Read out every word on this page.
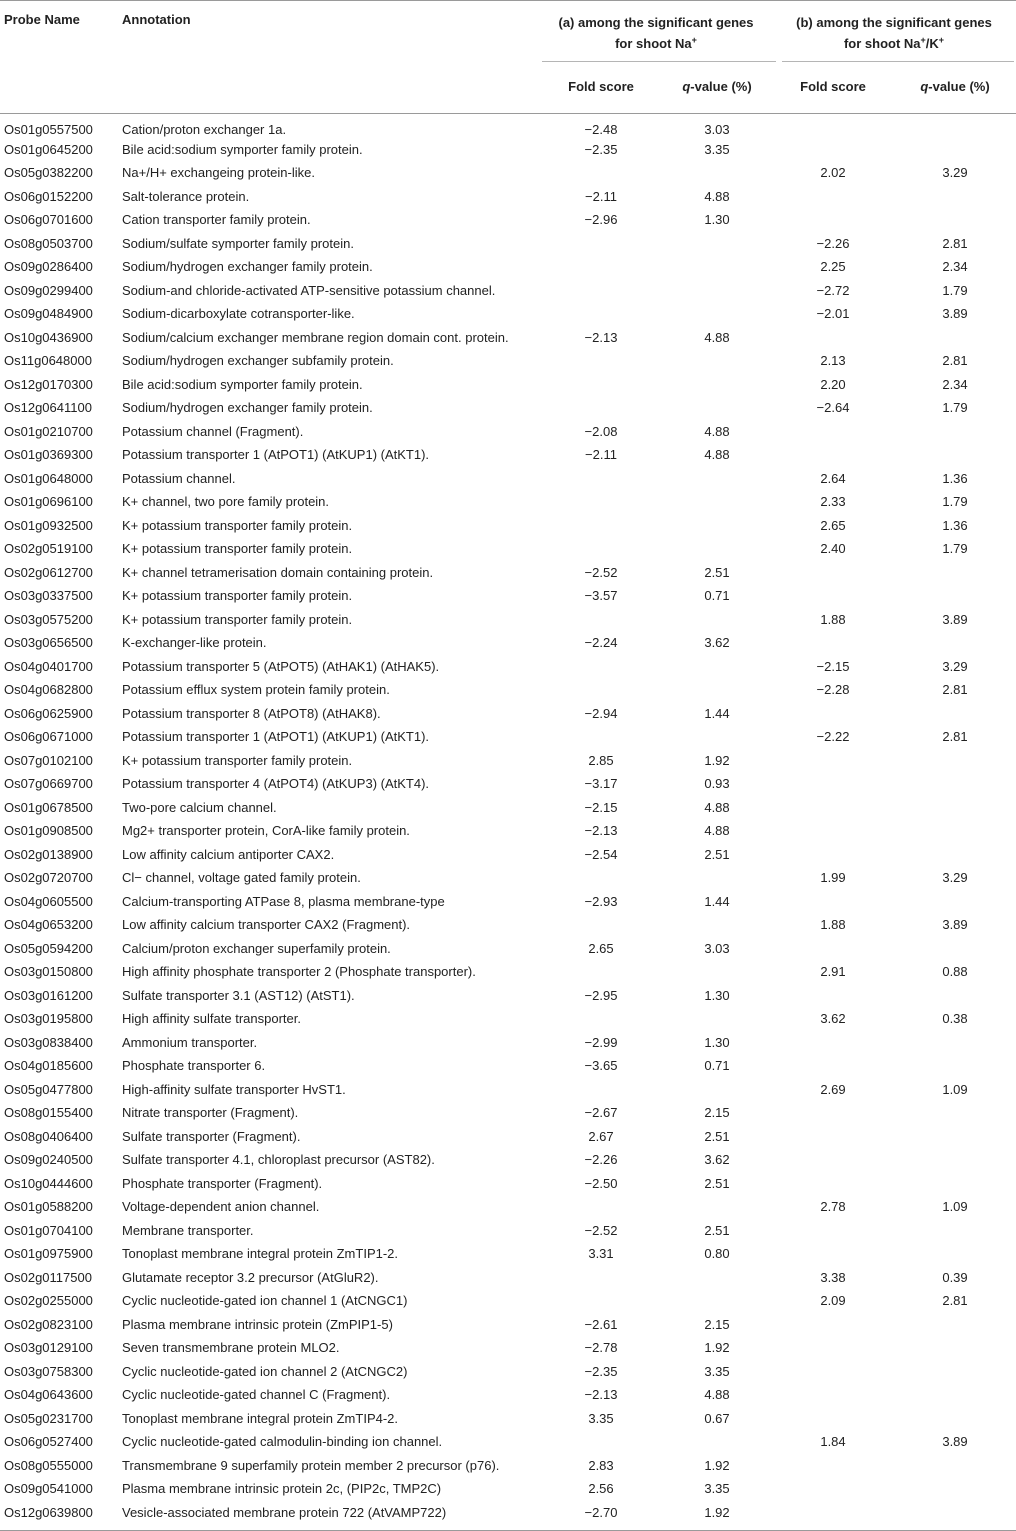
Probe Name	Annotation	(a) among the significant genes
for shoot Na+		(b) among the significant genes
for shoot Na+/K+
		Fold score	q-value (%)	Fold score	q-value (%)
Os01g0557500	Cation/proton exchanger 1a.	−2.48	3.03		
Os01g0645200	Bile acid:sodium symporter family protein.	−2.35	3.35		
Os05g0382200	Na+/H+ exchangeing protein-like.			2.02	3.29
Os06g0152200	Salt-tolerance protein.	−2.11	4.88		
Os06g0701600	Cation transporter family protein.	−2.96	1.30		
Os08g0503700	Sodium/sulfate symporter family protein.			−2.26	2.81
Os09g0286400	Sodium/hydrogen exchanger family protein.			2.25	2.34
Os09g0299400	Sodium-and chloride-activated ATP-sensitive potassium channel.			−2.72	1.79
Os09g0484900	Sodium-dicarboxylate cotransporter-like.			−2.01	3.89
Os10g0436900	Sodium/calcium exchanger membrane region domain cont. protein.	−2.13	4.88		
Os11g0648000	Sodium/hydrogen exchanger subfamily protein.			2.13	2.81
Os12g0170300	Bile acid:sodium symporter family protein.			2.20	2.34
Os12g0641100	Sodium/hydrogen exchanger family protein.			−2.64	1.79
Os01g0210700	Potassium channel (Fragment).	−2.08	4.88		
Os01g0369300	Potassium transporter 1 (AtPOT1) (AtKUP1) (AtKT1).	−2.11	4.88		
Os01g0648000	Potassium channel.			2.64	1.36
Os01g0696100	K+ channel, two pore family protein.			2.33	1.79
Os01g0932500	K+ potassium transporter family protein.			2.65	1.36
Os02g0519100	K+ potassium transporter family protein.			2.40	1.79
Os02g0612700	K+ channel tetramerisation domain containing protein.	−2.52	2.51		
Os03g0337500	K+ potassium transporter family protein.	−3.57	0.71		
Os03g0575200	K+ potassium transporter family protein.			1.88	3.89
Os03g0656500	K-exchanger-like protein.	−2.24	3.62		
Os04g0401700	Potassium transporter 5 (AtPOT5) (AtHAK1) (AtHAK5).			−2.15	3.29
Os04g0682800	Potassium efflux system protein family protein.			−2.28	2.81
Os06g0625900	Potassium transporter 8 (AtPOT8) (AtHAK8).	−2.94	1.44		
Os06g0671000	Potassium transporter 1 (AtPOT1) (AtKUP1) (AtKT1).			−2.22	2.81
Os07g0102100	K+ potassium transporter family protein.	2.85	1.92		
Os07g0669700	Potassium transporter 4 (AtPOT4) (AtKUP3) (AtKT4).	−3.17	0.93		
Os01g0678500	Two-pore calcium channel.	−2.15	4.88		
Os01g0908500	Mg2+ transporter protein, CorA-like family protein.	−2.13	4.88		
Os02g0138900	Low affinity calcium antiporter CAX2.	−2.54	2.51		
Os02g0720700	Cl− channel, voltage gated family protein.			1.99	3.29
Os04g0605500	Calcium-transporting ATPase 8, plasma membrane-type	−2.93	1.44		
Os04g0653200	Low affinity calcium transporter CAX2 (Fragment).			1.88	3.89
Os05g0594200	Calcium/proton exchanger superfamily protein.	2.65	3.03		
Os03g0150800	High affinity phosphate transporter 2 (Phosphate transporter).			2.91	0.88
Os03g0161200	Sulfate transporter 3.1 (AST12) (AtST1).	−2.95	1.30		
Os03g0195800	High affinity sulfate transporter.			3.62	0.38
Os03g0838400	Ammonium transporter.	−2.99	1.30		
Os04g0185600	Phosphate transporter 6.	−3.65	0.71		
Os05g0477800	High-affinity sulfate transporter HvST1.			2.69	1.09
Os08g0155400	Nitrate transporter (Fragment).	−2.67	2.15		
Os08g0406400	Sulfate transporter (Fragment).	2.67	2.51		
Os09g0240500	Sulfate transporter 4.1, chloroplast precursor (AST82).	−2.26	3.62		
Os10g0444600	Phosphate transporter (Fragment).	−2.50	2.51		
Os01g0588200	Voltage-dependent anion channel.			2.78	1.09
Os01g0704100	Membrane transporter.	−2.52	2.51		
Os01g0975900	Tonoplast membrane integral protein ZmTIP1-2.	3.31	0.80		
Os02g0117500	Glutamate receptor 3.2 precursor (AtGluR2).			3.38	0.39
Os02g0255000	Cyclic nucleotide-gated ion channel 1 (AtCNGC1)			2.09	2.81
Os02g0823100	Plasma membrane intrinsic protein (ZmPIP1-5)	−2.61	2.15		
Os03g0129100	Seven transmembrane protein MLO2.	−2.78	1.92		
Os03g0758300	Cyclic nucleotide-gated ion channel 2 (AtCNGC2)	−2.35	3.35		
Os04g0643600	Cyclic nucleotide-gated channel C (Fragment).	−2.13	4.88		
Os05g0231700	Tonoplast membrane integral protein ZmTIP4-2.	3.35	0.67		
Os06g0527400	Cyclic nucleotide-gated calmodulin-binding ion channel.			1.84	3.89
Os08g0555000	Transmembrane 9 superfamily protein member 2 precursor (p76).	2.83	1.92		
Os09g0541000	Plasma membrane intrinsic protein 2c, (PIP2c, TMP2C)	2.56	3.35		
Os12g0639800	Vesicle-associated membrane protein 722 (AtVAMP722)	−2.70	1.92		
